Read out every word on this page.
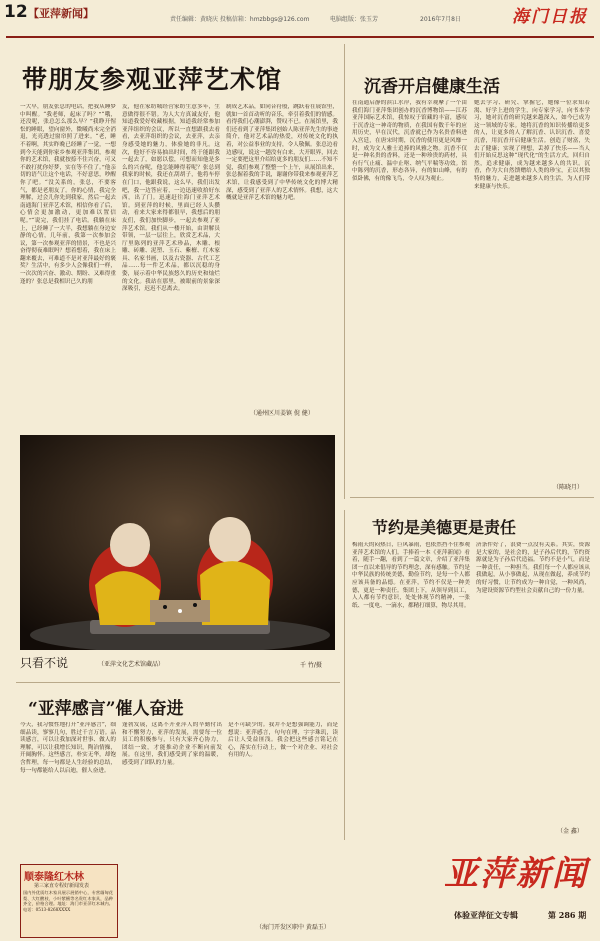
12 【亚萍新闻】	责任编辑：黄晓庆 投稿信箱：hmzbbgs@126.com	电脑组版：张玉芳	2016年7月8日	海门日报
带朋友参观亚萍艺术馆
一大早，朋友张总的电话，把我从睡梦中叫醒。“我老师，起床了吗？”“哦，还没呢，张总怎么那么早？”我睁开惺忪的睡眼，望向窗外，微曦尚未完全消退，光亮透过窗帘照了进来。“老，睡不着啊，其实昨晚已经睡了一觉，一想到今天能到你家乡参观亚萍集团，参观你的艺术馆，我就按捺不住兴奋，可又不敢打扰你好梦，实在等不住了。”他亲切的语气让这个电话，不好意思，吵醒你了吧。“没关系的，张总，不要客气，都是老朋友了。你的心情，我完全理解，过会儿你先到我家，然后一起去南通海门亚萍艺术馆，相信你看了后，心情会更加激动，更加难以置信呢。”“说完，我们挂了电话。我躺在床上，已经睡了一大半，我想躺在身边安静的心情，几年前，我第一次参加会议，第一次参观亚萍的情景，不也是兴奋得彻夜难眠吗？想着想着，我在床上翻来覆去，可难道不是对亚萍最好的褒奖？生活中，有多少人会像我们一样，一次次的兴奋、激动、期盼、又难得重逢的？张总是我相识已久的朋
友，他在家纺城经营家纺生意多年，生意做得很不错。为人大方真诚友好，他知道我爱好收藏根据，知道我经常参加亚萍组织的会议，所以一直想跟我去看看，去亚萍组织的会议，去亚萍，去亲身感受她的魅力，体验她的非凡。这次，他好不容易抽出时间，终于能跟我一起去了，如愿以偿，可想而知他是多么的兴奋呢，他怎能睡得着呢？张总到我家的时候，我还在刮胡子，他将车停在门口，他跟我说，这么早，我们出发吧，我一边答应着，一边迅速收拾好东西，出了门。迅速赶往海门亚萍艺术馆。到亚萍的时候，里面已经人头攒动，看来大家来得都很早，我想后的朋友们，我们加快脚步，一起去参观了亚萍艺术馆。我们从一楼开始，由讲解员带领，一层一层往上，欣赏艺术品，大厅里陈列的亚萍艺术珍品，木雕、根雕、砖雕、泥塑、玉石、紫檀、红木家具、名家书画，以及古瓷器、古代工艺品……每一件艺术品，都以沉稳的身姿，展示着中华民族悠久的历史和灿烂的文化。我站在那里，被眼前的景象深深吸引，迟迟不忍离去。
制成艺术品，如同音符般，跳跃着在展馆里，就如一首首动听的音乐，牵引着我们的情感。看得我们心潮澎湃，赞叹不已。在展馆里，我们还看到了亚萍集团创始人陈亚萍先生的事迹简介，他对艺术品的热爱，对传统文化的执着，对公益事业的支持，令人敬佩。张总边看边感叹，说这一趟没有白来，大开眼界，回去一定要把这里介绍给更多的朋友们……不知不觉，我们参观了整整一个上午，从展馆出来，张总握着我的手说，谢谢你带我来参观亚萍艺术馆，让我感受到了中华传统文化的博大精深，感受到了亚萍人的艺术情怀。我想，这大概就是亚萍艺术馆的魅力吧。
（通州区川姜镇 倪 健）
沉香开启健康生活
在南通启静的滨江水岸，我有幸观摩了一个由我们海门亚萍集团创办的沉香博物馆——江苏亚萍国际艺术馆，我惊叹于馆藏的丰富，感叹于沉香这一神奇的物质，在我国有数千年的应用历史，早在汉代，沉香就已作为名贵香料进入宫廷，在唐宋时期，沉香的使用更是风靡一时，成为文人雅士追捧的风雅之物。沉香不仅是一种名贵的香料，还是一种珍贵的药材，具有行气止痛、温中止呕、纳气平喘等功效。馆中陈列的沉香，形态各异，有的如山峰，有的似卧佛，有的像飞鸟，令人叹为观止。
她去学习、研究、掌握它，她像一位求知若渴、好学上进的学生，向专家学习，向书本学习，她对沉香的研究越来越深入，如今已成为这一领域的专家。她将沉香的知识传播给更多的人，让更多的人了解沉香、认识沉香、喜爱沉香，用沉香开启健康生活。创造了财富，失去了健康；实现了理想，丢掉了快乐——当人们开始反思这种“现代化”的生活方式，回归自然，追求健康，成为越来越多人的共识。沉香，作为大自然馈赠给人类的珍宝，正以其独特的魅力，走进越来越多人的生活，为人们带来健康与快乐。
（陈晓月）
只看不说	（亚萍文化艺术馆藏品）	千 竹/摄
节约是美德更是责任
梅雨天的闷热日，巨风暴雨，也依然挡不住参观亚萍艺术馆的人们。手捧着一本《亚萍新闻》看着，随手一翻，看到了一篇文章，介绍了亚萍集团一直以来倡导的节约理念，深有感触。节约是中华民族的传统美德，勤俭节约，是每一个人都应该具备的品德。在亚萍，节约不仅是一种美德，更是一种责任。集团上下，从领导到员工，人人都有节约意识，处处体现节约精神，一张纸、一度电、一滴水，都精打细算，物尽其用。
济条件好了，浪费一点没有关系。其实，资源是大家的，是社会的，是子孙后代的，节约资源就是为子孙后代造福。节约不是小气，而是一种责任，一种担当。我们每一个人都应该从我做起，从小事做起，从现在做起，养成节约的好习惯，让节约成为一种自觉，一种风尚，为建设资源节约型社会贡献自己的一份力量。
（金 鑫）
“亚萍感言”催人奋进
今天，我习惯性地打开“亚萍感言”，细细品读，寥寥几句，胜过千言万语。品读感言，可以让我加深对世事、做人的理解，可以让我增长知识，陶冶情操，开阔胸怀。这些感言，朴实无华，却饱含哲理，每一句都是人生经验的总结，每一句都能给人以启迪，催人奋进。
蓬勃发展，这离不开亚萍人的辛勤付出和不懈努力，亚萍的发展，需要每一位员工的积极参与，只有大家齐心协力，团结一致，才能推动企业不断向前发展。在这里，我们感受到了家的温暖，感受到了团队的力量。
是不可缺少的。我并不是想强调能力，而是想说：亚萍感言，句句在理，字字珠玑，读后让人受益匪浅。我会把这些感言铭记在心，落实在行动上，做一个对企业、对社会有用的人。
（海门开发区职中 黄磊玉）
顺泰隆红木林
第三家直专程好新闻发表
国内外优质红木家具展示展销中心，专营缅甸花梨、大红酸枝、小叶紫檀等名贵红木家具，品种齐全，价格合理。地址：海门市亚萍红木城内。电话：0513-8268XXXX
亚萍新闻
体验亚萍征文专辑	第 286 期
